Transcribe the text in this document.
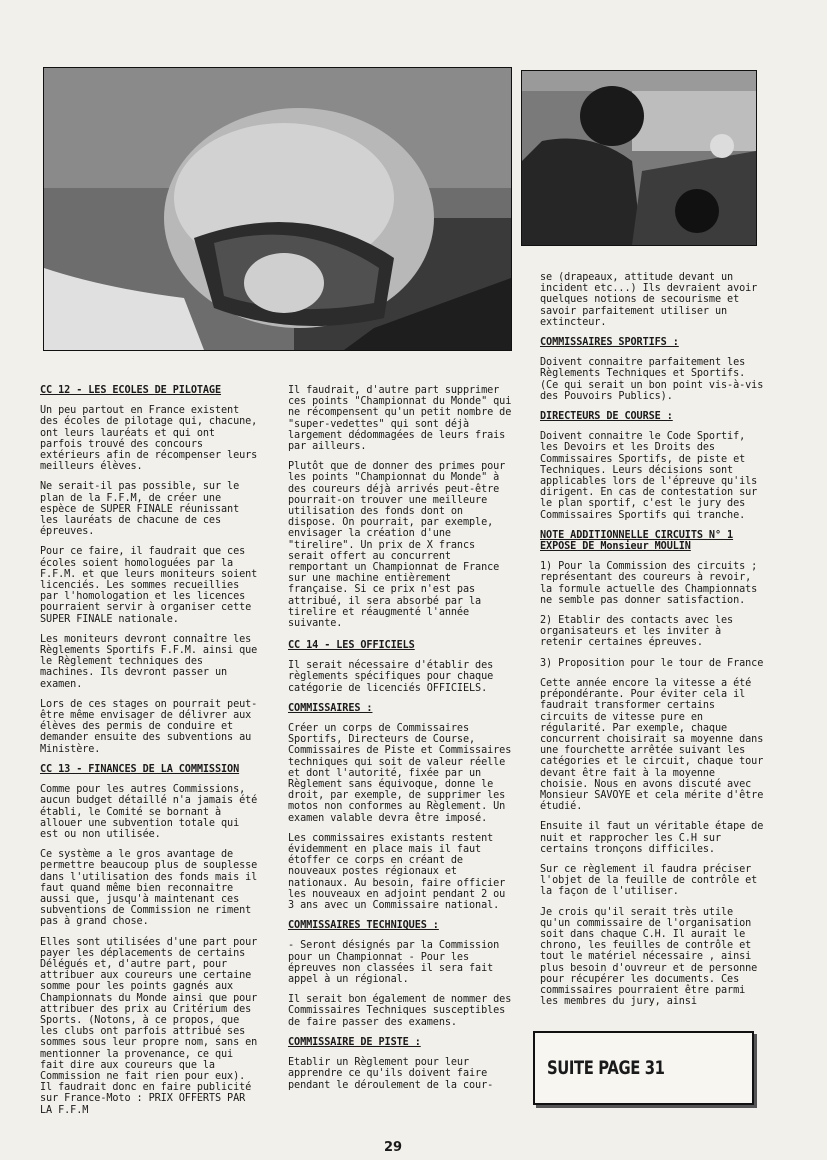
CC 12 - LES ECOLES DE PILOTAGE

Un peu partout en France existent des écoles de pilotage qui, chacune, ont leurs lauréats et qui ont parfois trouvé des concours extérieurs afin de récompenser leurs meilleurs élèves.

Ne serait-il pas possible, sur le plan de la F.F.M, de créer une espèce de SUPER FINALE réunissant les lauréats de chacune de ces épreuves.

Pour ce faire, il faudrait que ces écoles soient homologuées par la F.F.M. et que leurs moniteurs soient licenciés. Les sommes recueillies par l'homologation et les licences pourraient servir à organiser cette SUPER FINALE nationale.

Les moniteurs devront connaître les Règlements Sportifs F.F.M. ainsi que le Règlement techniques des machines. Ils devront passer un examen.

Lors de ces stages on pourrait peut-être même envisager de délivrer aux élèves des permis de conduire et demander ensuite des subventions au Ministère.

CC 13 - FINANCES DE LA COMMISSION

Comme pour les autres Commissions, aucun budget détaillé n'a jamais été établi, le Comité se bornant à allouer une subvention totale qui est ou non utilisée.

Ce système a le gros avantage de permettre beaucoup plus de souplesse dans l'utilisation des fonds mais il faut quand même bien reconnaitre aussi que, jusqu'à maintenant ces subventions de Commission ne riment pas à grand chose.

Elles sont utilisées d'une part pour payer les déplacements de certains Délégués et, d'autre part, pour attribuer aux coureurs une certaine somme pour les points gagnés aux Championnats du Monde ainsi que pour attribuer des prix au Critérium des Sports. (Notons, à ce propos, que les clubs ont parfois attribué ses sommes sous leur propre nom, sans en mentionner la provenance, ce qui fait dire aux coureurs que la Commission ne fait rien pour eux). Il faudrait donc en faire publicité sur France-Moto : PRIX OFFERTS PAR LA F.F.M

Il faudrait, d'autre part supprimer ces points "Championnat du Monde" qui ne récompensent qu'un petit nombre de "super-vedettes" qui sont déjà largement dédommagées de leurs frais par ailleurs.

Plutôt que de donner des primes pour les points "Championnat du Monde" à des coureurs déjà arrivés peut-être pourrait-on trouver une meilleure utilisation des fonds dont on dispose. On pourrait, par exemple, envisager la création d'une "tirelire". Un prix de X francs serait offert au concurrent remportant un Championnat de France sur une machine entièrement française. Si ce prix n'est pas attribué, il sera absorbé par la tirelire et réaugmenté l'année suivante.

CC 14 - LES OFFICIELS

Il serait nécessaire d'établir des règlements spécifiques pour chaque catégorie de licenciés OFFICIELS.

COMMISSAIRES :

Créer un corps de Commissaires Sportifs, Directeurs de Course, Commissaires de Piste et Commissaires techniques qui soit de valeur réelle et dont l'autorité, fixée par un Règlement sans équivoque, donne le droit, par exemple, de supprimer les motos non conformes au Règlement. Un examen valable devra être imposé.

Les commissaires existants restent évidemment en place mais il faut étoffer ce corps en créant de nouveaux postes régionaux et nationaux. Au besoin, faire officier les nouveaux en adjoint pendant 2 ou 3 ans avec un Commissaire national.

COMMISSAIRES TECHNIQUES :

- Seront désignés par la Commission pour un Championnat - Pour les épreuves non classées il sera fait appel à un régional.

Il serait bon également de nommer des Commissaires Techniques susceptibles de faire passer des examens.

COMMISSAIRE DE PISTE :

Etablir un Règlement pour leur apprendre ce qu'ils doivent faire pendant le déroulement de la cour-

se (drapeaux, attitude devant un incident etc...) Ils devraient avoir quelques notions de secourisme et savoir parfaitement utiliser un extincteur.

COMMISSAIRES SPORTIFS :

Doivent connaitre parfaitement les Règlements Techniques et Sportifs. (Ce qui serait un bon point vis-à-vis des Pouvoirs Publics).

DIRECTEURS DE COURSE :

Doivent connaitre le Code Sportif, les Devoirs et les Droits des Commissaires Sportifs, de piste et Techniques. Leurs décisions sont applicables lors de l'épreuve qu'ils dirigent. En cas de contestation sur le plan sportif, c'est le jury des Commissaires Sportifs qui tranche.

NOTE ADDITIONNELLE CIRCUITS N° 1 EXPOSE DE Monsieur MOULIN

1) Pour la Commission des circuits ; représentant des coureurs à revoir, la formule actuelle des Championnats ne semble pas donner satisfaction.

2) Etablir des contacts avec les organisateurs et les inviter à retenir certaines épreuves.

3) Proposition pour le tour de France

Cette année encore la vitesse a été prépondérante. Pour éviter cela il faudrait transformer certains circuits de vitesse pure en régularité. Par exemple, chaque concurrent choisirait sa moyenne dans une fourchette arrêtée suivant les catégories et le circuit, chaque tour devant être fait à la moyenne choisie. Nous en avons discuté avec Monsieur SAVOYE et cela mérite d'être étudié.

Ensuite il faut un véritable étape de nuit et rapprocher les C.H sur certains tronçons difficiles.

Sur ce règlement il faudra préciser l'objet de la feuille de contrôle et la façon de l'utiliser.

Je crois qu'il serait très utile qu'un commissaire de l'organisation soit dans chaque C.H. Il aurait le chrono, les feuilles de contrôle et tout le matériel nécessaire , ainsi plus besoin d'ouvreur et de personne pour récupérer les documents. Ces commissaires pourraient être parmi les membres du jury, ainsi

SUITE PAGE 31
29
